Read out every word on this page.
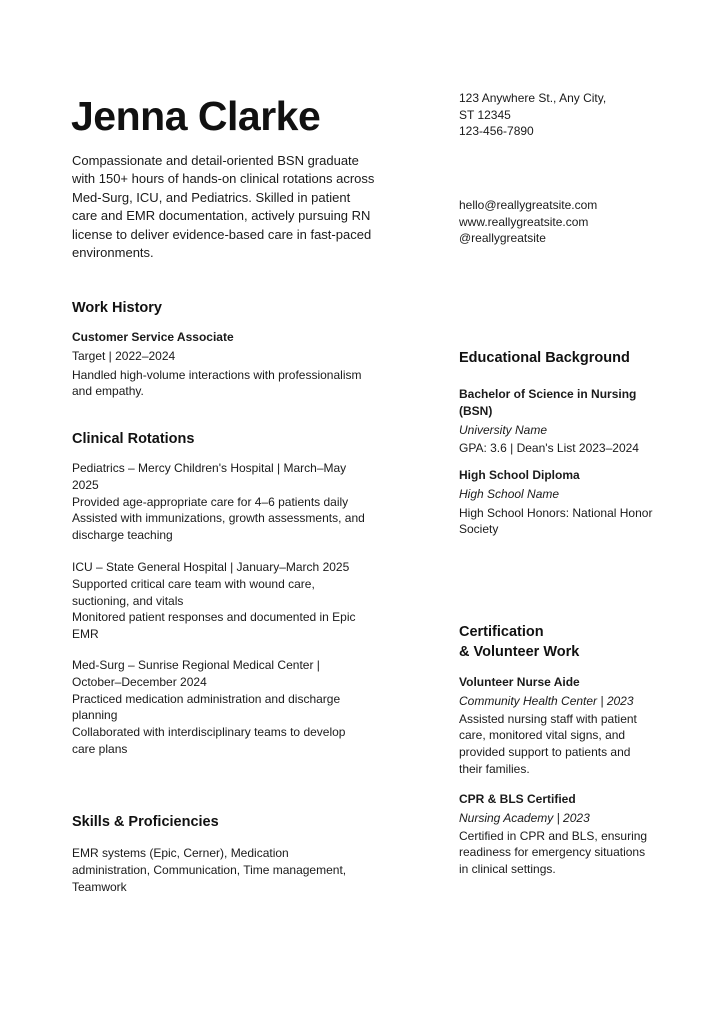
Jenna Clarke
Compassionate and detail-oriented BSN graduate with 150+ hours of hands-on clinical rotations across Med-Surg, ICU, and Pediatrics. Skilled in patient care and EMR documentation, actively pursuing RN license to deliver evidence-based care in fast-paced environments.
123 Anywhere St., Any City,
ST 12345
123-456-7890
hello@reallygreatsite.com
www.reallygreatsite.com
@reallygreatsite
Work History
Customer Service Associate
Target | 2022–2024
Handled high-volume interactions with professionalism and empathy.
Clinical Rotations
Pediatrics – Mercy Children's Hospital | March–May 2025
Provided age-appropriate care for 4–6 patients daily
Assisted with immunizations, growth assessments, and discharge teaching
ICU – State General Hospital | January–March 2025
Supported critical care team with wound care, suctioning, and vitals
Monitored patient responses and documented in Epic EMR
Med-Surg – Sunrise Regional Medical Center | October–December 2024
Practiced medication administration and discharge planning
Collaborated with interdisciplinary teams to develop care plans
Skills & Proficiencies
EMR systems (Epic, Cerner), Medication administration, Communication, Time management, Teamwork
Educational Background
Bachelor of Science in Nursing (BSN)
University Name
GPA: 3.6 | Dean's List 2023–2024
High School Diploma
High School Name
High School Honors: National Honor Society
Certification
& Volunteer Work
Volunteer Nurse Aide
Community Health Center | 2023
Assisted nursing staff with patient care, monitored vital signs, and provided support to patients and their families.
CPR & BLS Certified
Nursing Academy | 2023
Certified in CPR and BLS, ensuring readiness for emergency situations in clinical settings.
